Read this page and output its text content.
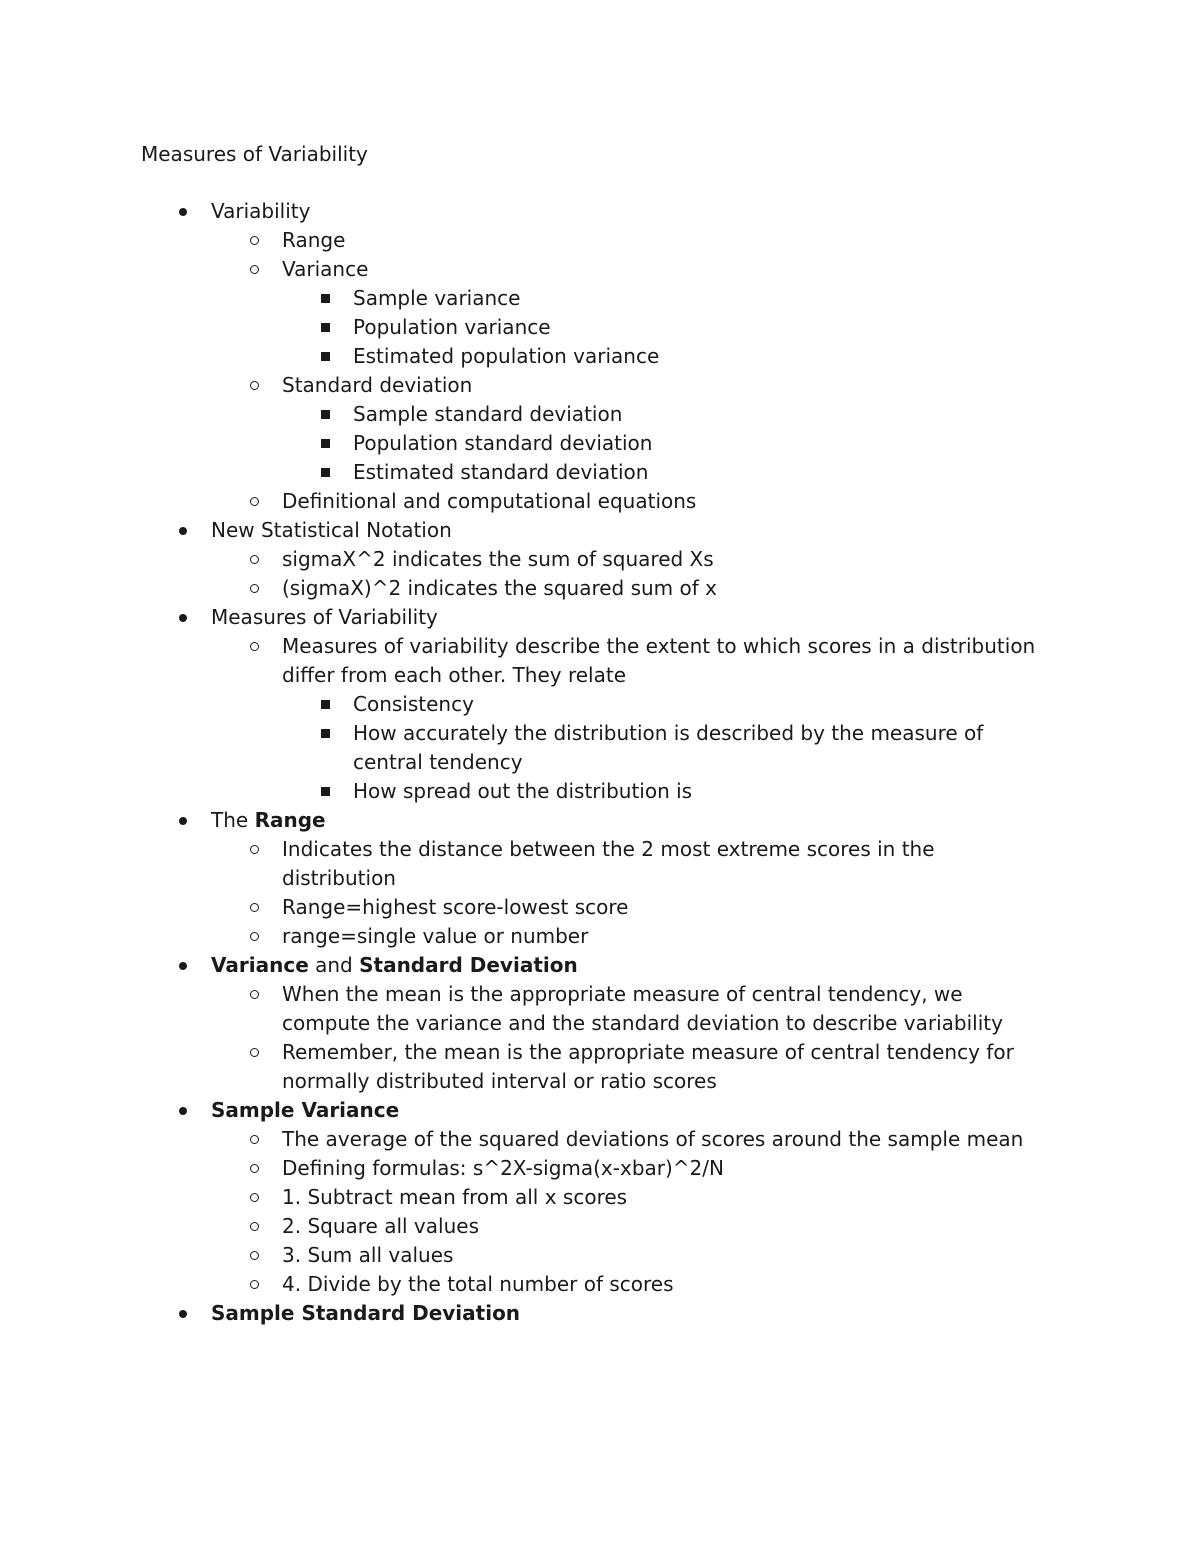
Measures of Variability
Variability
Range
Variance
Sample variance
Population variance
Estimated population variance
Standard deviation
Sample standard deviation
Population standard deviation
Estimated standard deviation
Definitional and computational equations
New Statistical Notation
sigmaX^2 indicates the sum of squared Xs
(sigmaX)^2 indicates the squared sum of x
Measures of Variability
Measures of variability describe the extent to which scores in a distribution differ from each other. They relate
Consistency
How accurately the distribution is described by the measure of central tendency
How spread out the distribution is
The Range
Indicates the distance between the 2 most extreme scores in the distribution
Range=highest score-lowest score
range=single value or number
Variance and Standard Deviation
When the mean is the appropriate measure of central tendency, we compute the variance and the standard deviation to describe variability
Remember, the mean is the appropriate measure of central tendency for normally distributed interval or ratio scores
Sample Variance
The average of the squared deviations of scores around the sample mean
Defining formulas: s^2X-sigma(x-xbar)^2/N
1. Subtract mean from all x scores
2. Square all values
3. Sum all values
4. Divide by the total number of scores
Sample Standard Deviation
